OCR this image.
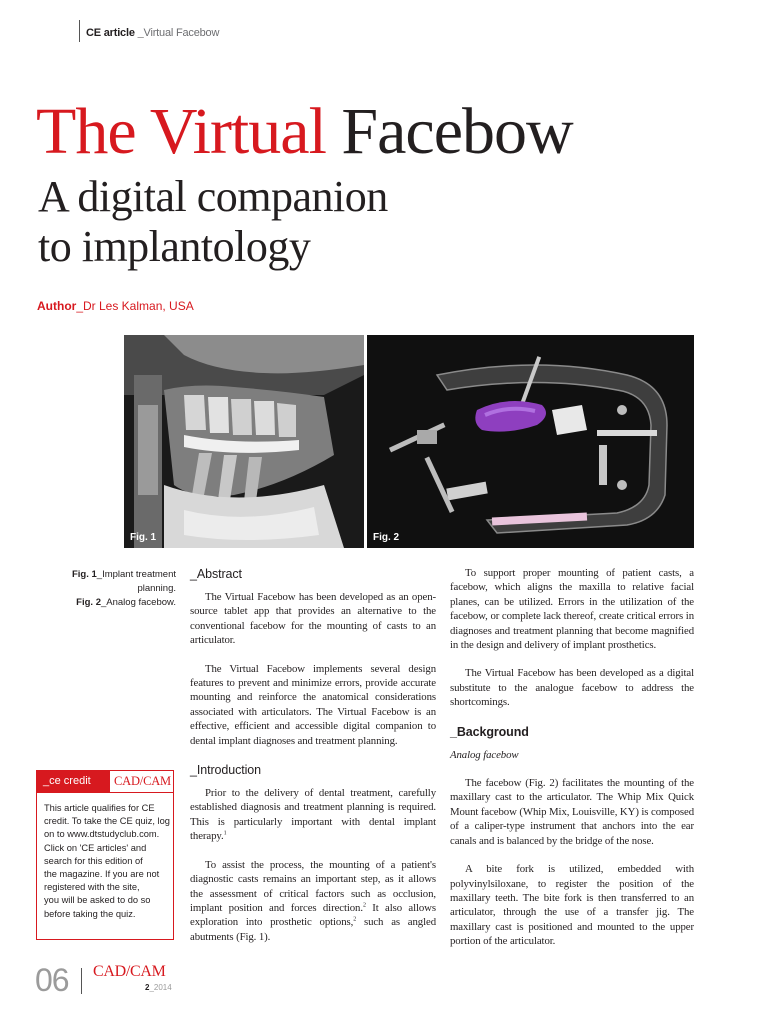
CE article _Virtual Facebow
The Virtual Facebow
A digital companion
to implantology
Author_Dr Les Kalman, USA
Fig. 1	Fig. 2
Fig. 1_Implant treatment planning.
Fig. 2_Analog facebow.
_Abstract

The Virtual Facebow has been developed as an open-source tablet app that provides an alternative to the conventional facebow for the mounting of casts to an articulator.

The Virtual Facebow implements several design features to prevent and minimize errors, provide accurate mounting and reinforce the anatomical considerations associated with articulators. The Virtual Facebow is an effective, efficient and accessible digital companion to dental implant diagnoses and treatment planning.

_Introduction

Prior to the delivery of dental treatment, carefully established diagnosis and treatment planning is required. This is particularly important with dental implant therapy.$^1$

To assist the process, the mounting of a patient's diagnostic casts remains an important step, as it allows the assessment of critical factors such as occlusion, implant position and forces direction.$^2$ It also allows exploration into prosthetic options,$^2$ such as angled abutments (Fig. 1).

To support proper mounting of patient casts, a facebow, which aligns the maxilla to relative facial planes, can be utilized. Errors in the utilization of the facebow, or complete lack thereof, create critical errors in diagnoses and treatment planning that become magnified in the design and delivery of implant prosthetics.

The Virtual Facebow has been developed as a digital substitute to the analogue facebow to address the shortcomings.

_Background
Analog facebow

The facebow (Fig. 2) facilitates the mounting of the maxillary cast to the articulator. The Whip Mix Quick Mount facebow (Whip Mix, Louisville, KY) is composed of a caliper-type instrument that anchors into the ear canals and is balanced by the bridge of the nose.

A bite fork is utilized, embedded with polyvinylsiloxane, to register the position of the maxillary teeth. The bite fork is then transferred to an articulator, through the use of a transfer jig. The maxillary cast is positioned and mounted to the upper portion of the articulator.

_ce credit	CAD/CAM
This article qualifies for CE
credit. To take the CE quiz, log
on to www.dtstudyclub.com.
Click on 'CE articles' and
search for this edition of
the magazine. If you are not
registered with the site,
you will be asked to do so
before taking the quiz.
06 CAD/CAM
2_2014
